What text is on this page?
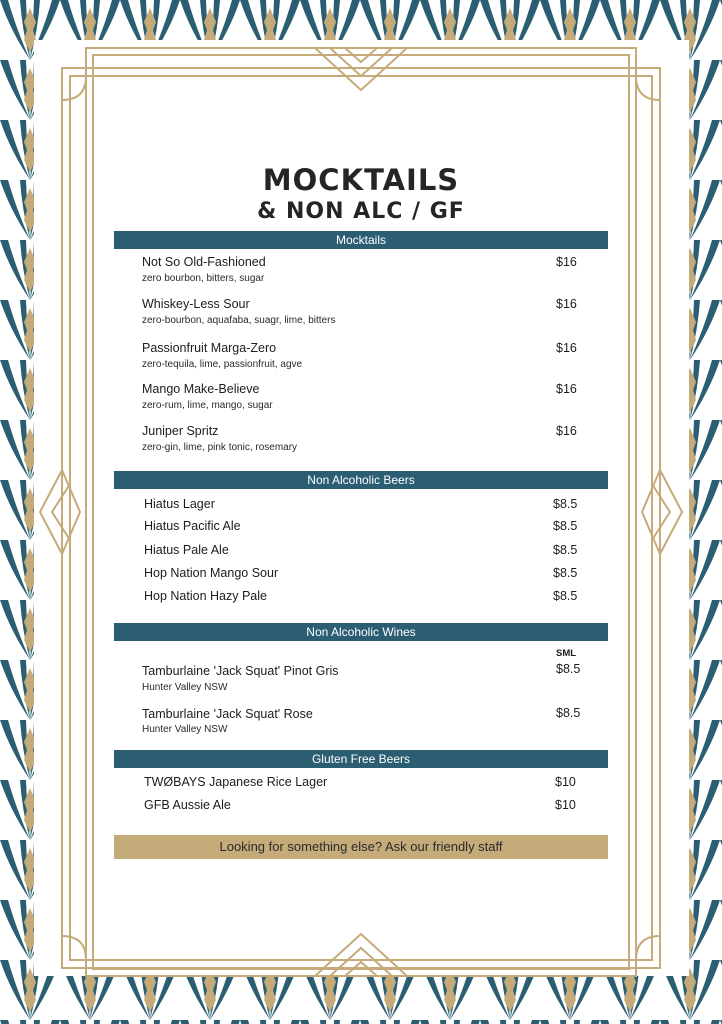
MOCKTAILS
& NON ALC / GF
Mocktails
Not So Old-Fashioned
zero bourbon, bitters, sugar
$16
Whiskey-Less Sour
zero-bourbon, aquafaba, suagr, lime, bitters
$16
Passionfruit Marga-Zero
zero-tequila, lime, passionfruit, agve
$16
Mango Make-Believe
zero-rum, lime, mango, sugar
$16
Juniper Spritz
zero-gin, lime, pink tonic, rosemary
$16
Non Alcoholic Beers
Hiatus Lager	$8.5
Hiatus Pacific Ale	$8.5
Hiatus Pale Ale	$8.5
Hop Nation Mango Sour	$8.5
Hop Nation Hazy Pale	$8.5
Non Alcoholic Wines
SML
Tamburlaine 'Jack Squat' Pinot Gris
Hunter Valley NSW
$8.5
Tamburlaine 'Jack Squat' Rose
Hunter Valley NSW
$8.5
Gluten Free Beers
TWØBAYS Japanese Rice Lager	$10
GFB Aussie Ale	$10
Looking for something else? Ask our friendly staff
